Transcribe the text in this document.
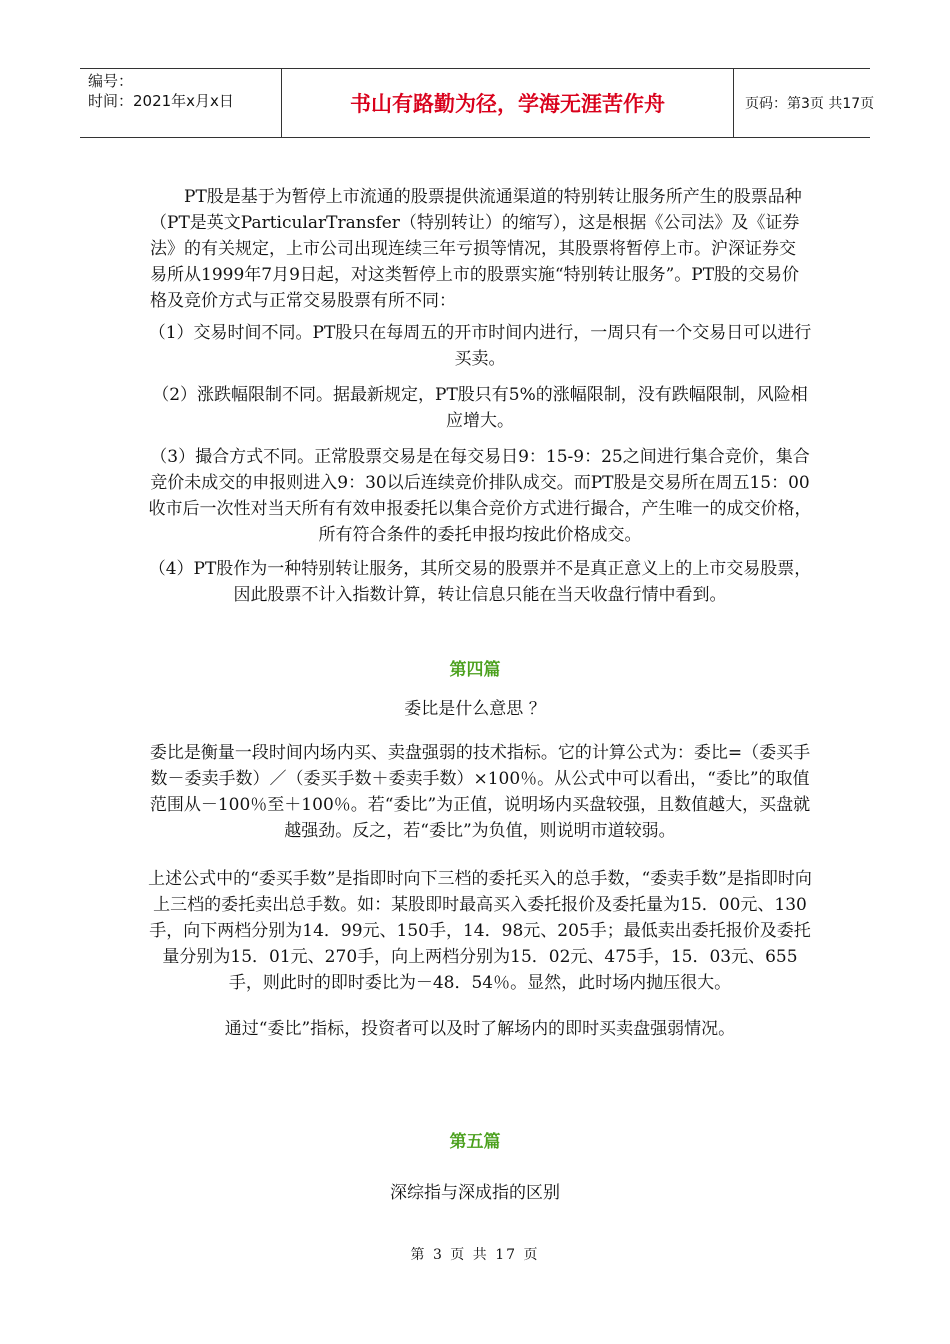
编号：
时间：2021年x月x日	书山有路勤为径，学海无涯苦作舟	页码：第3页 共17页

PT股是基于为暂停上市流通的股票提供流通渠道的特别转让服务所产生的股票品种（PT是英文ParticularTransfer（特别转让）的缩写），这是根据《公司法》及《证券法》的有关规定，上市公司出现连续三年亏损等情况，其股票将暂停上市。沪深证券交易所从1999年7月9日起，对这类暂停上市的股票实施“特别转让服务”。PT股的交易价格及竞价方式与正常交易股票有所不同：

（1）交易时间不同。PT股只在每周五的开市时间内进行，一周只有一个交易日可以进行买卖。

（2）涨跌幅限制不同。据最新规定，PT股只有5%的涨幅限制，没有跌幅限制，风险相应增大。

（3）撮合方式不同。正常股票交易是在每交易日9：15-9：25之间进行集合竞价，集合竞价未成交的申报则进入9：30以后连续竞价排队成交。而PT股是交易所在周五15：00收市后一次性对当天所有有效申报委托以集合竞价方式进行撮合，产生唯一的成交价格，所有符合条件的委托申报均按此价格成交。

（4）PT股作为一种特别转让服务，其所交易的股票并不是真正意义上的上市交易股票，因此股票不计入指数计算，转让信息只能在当天收盘行情中看到。

第四篇
委比是什么意思 ？

委比是衡量一段时间内场内买、卖盘强弱的技术指标。它的计算公式为：委比=（委买手数－委卖手数）／（委买手数＋委卖手数）×100％。从公式中可以看出，“委比”的取值范围从－100％至＋100％。若“委比”为正值，说明场内买盘较强，且数值越大，买盘就越强劲。反之，若“委比”为负值，则说明市道较弱。

上述公式中的“委买手数”是指即时向下三档的委托买入的总手数，“委卖手数”是指即时向上三档的委托卖出总手数。如：某股即时最高买入委托报价及委托量为15．00元、130手，向下两档分别为14．99元、150手，14．98元、205手；最低卖出委托报价及委托量分别为15．01元、270手，向上两档分别为15．02元、475手，15．03元、655手，则此时的即时委比为－48．54％。显然，此时场内抛压很大。

通过“委比”指标，投资者可以及时了解场内的即时买卖盘强弱情况。

第五篇
深综指与深成指的区别
第 3 页 共 17 页
